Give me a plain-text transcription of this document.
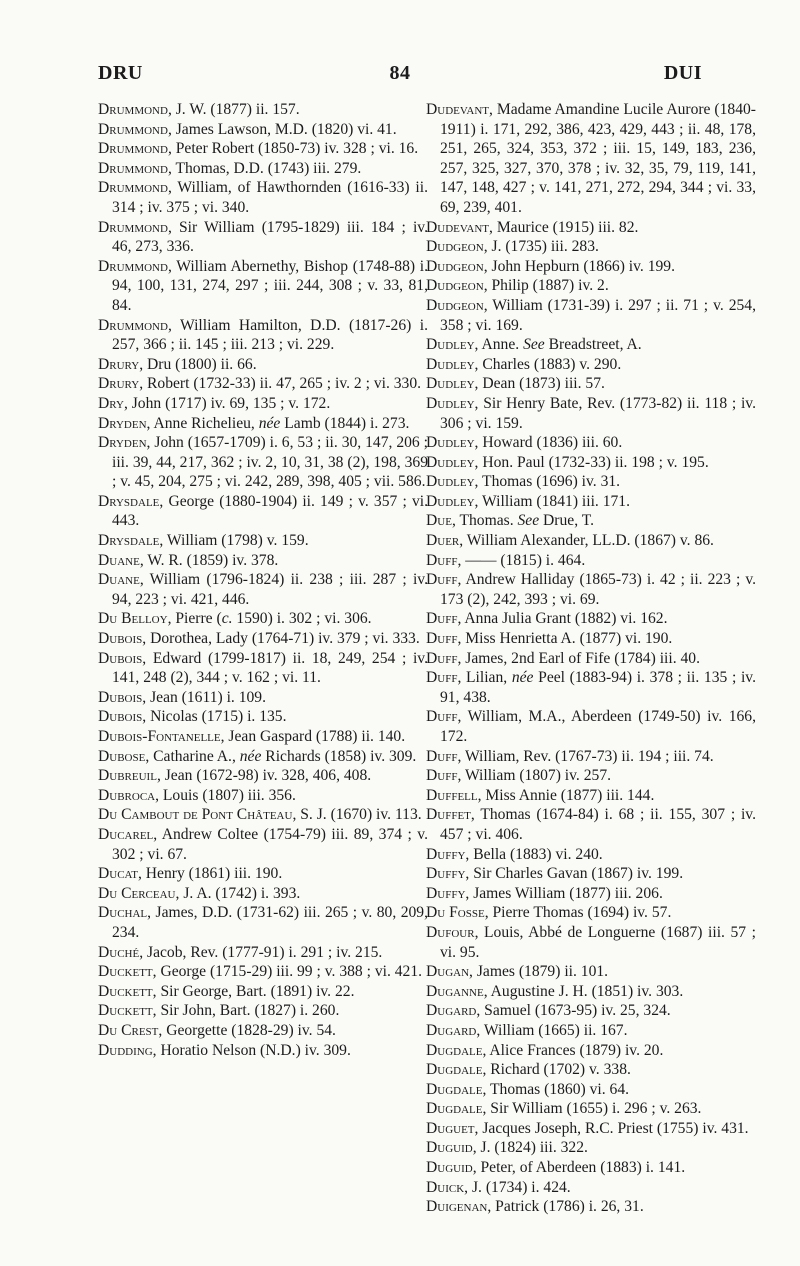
DRU	84	DUI
Drummond, J. W. (1877) ii. 157.
Drummond, James Lawson, M.D. (1820) vi. 41.
Drummond, Peter Robert (1850-73) iv. 328 ; vi. 16.
Drummond, Thomas, D.D. (1743) iii. 279.
Drummond, William, of Hawthornden (1616-33) ii. 314 ; iv. 375 ; vi. 340.
Drummond, Sir William (1795-1829) iii. 184 ; iv. 46, 273, 336.
Drummond, William Abernethy, Bishop (1748-88) i. 94, 100, 131, 274, 297 ; iii. 244, 308 ; v. 33, 81, 84.
Drummond, William Hamilton, D.D. (1817-26) i. 257, 366 ; ii. 145 ; iii. 213 ; vi. 229.
Drury, Dru (1800) ii. 66.
Drury, Robert (1732-33) ii. 47, 265 ; iv. 2 ; vi. 330.
Dry, John (1717) iv. 69, 135 ; v. 172.
Dryden, Anne Richelieu, née Lamb (1844) i. 273.
Dryden, John (1657-1709) i. 6, 53 ; ii. 30, 147, 206 ; iii. 39, 44, 217, 362 ; iv. 2, 10, 31, 38 (2), 198, 369 ; v. 45, 204, 275 ; vi. 242, 289, 398, 405 ; vii. 586.
Drysdale, George (1880-1904) ii. 149 ; v. 357 ; vi. 443.
Drysdale, William (1798) v. 159.
Duane, W. R. (1859) iv. 378.
Duane, William (1796-1824) ii. 238 ; iii. 287 ; iv. 94, 223 ; vi. 421, 446.
Du Belloy, Pierre (c. 1590) i. 302 ; vi. 306.
Dubois, Dorothea, Lady (1764-71) iv. 379 ; vi. 333.
Dubois, Edward (1799-1817) ii. 18, 249, 254 ; iv. 141, 248 (2), 344 ; v. 162 ; vi. 11.
Dubois, Jean (1611) i. 109.
Dubois, Nicolas (1715) i. 135.
Dubois-Fontanelle, Jean Gaspard (1788) ii. 140.
Dubose, Catharine A., née Richards (1858) iv. 309.
Dubreuil, Jean (1672-98) iv. 328, 406, 408.
Dubroca, Louis (1807) iii. 356.
Du Cambout de Pont Château, S. J. (1670) iv. 113.
Ducarel, Andrew Coltee (1754-79) iii. 89, 374 ; v. 302 ; vi. 67.
Ducat, Henry (1861) iii. 190.
Du Cerceau, J. A. (1742) i. 393.
Duchal, James, D.D. (1731-62) iii. 265 ; v. 80, 209, 234.
Duché, Jacob, Rev. (1777-91) i. 291 ; iv. 215.
Duckett, George (1715-29) iii. 99 ; v. 388 ; vi. 421.
Duckett, Sir George, Bart. (1891) iv. 22.
Duckett, Sir John, Bart. (1827) i. 260.
Du Crest, Georgette (1828-29) iv. 54.
Dudding, Horatio Nelson (N.D.) iv. 309.
Dudevant, Madame Amandine Lucile Aurore (1840-1911) i. 171, 292, 386, 423, 429, 443 ; ii. 48, 178, 251, 265, 324, 353, 372 ; iii. 15, 149, 183, 236, 257, 325, 327, 370, 378 ; iv. 32, 35, 79, 119, 141, 147, 148, 427 ; v. 141, 271, 272, 294, 344 ; vi. 33, 69, 239, 401.
Dudevant, Maurice (1915) iii. 82.
Dudgeon, J. (1735) iii. 283.
Dudgeon, John Hepburn (1866) iv. 199.
Dudgeon, Philip (1887) iv. 2.
Dudgeon, William (1731-39) i. 297 ; ii. 71 ; v. 254, 358 ; vi. 169.
Dudley, Anne. See Breadstreet, A.
Dudley, Charles (1883) v. 290.
Dudley, Dean (1873) iii. 57.
Dudley, Sir Henry Bate, Rev. (1773-82) ii. 118 ; iv. 306 ; vi. 159.
Dudley, Howard (1836) iii. 60.
Dudley, Hon. Paul (1732-33) ii. 198 ; v. 195.
Dudley, Thomas (1696) iv. 31.
Dudley, William (1841) iii. 171.
Due, Thomas. See Drue, T.
Duer, William Alexander, LL.D. (1867) v. 86.
Duff, —— (1815) i. 464.
Duff, Andrew Halliday (1865-73) i. 42 ; ii. 223 ; v. 173 (2), 242, 393 ; vi. 69.
Duff, Anna Julia Grant (1882) vi. 162.
Duff, Miss Henrietta A. (1877) vi. 190.
Duff, James, 2nd Earl of Fife (1784) iii. 40.
Duff, Lilian, née Peel (1883-94) i. 378 ; ii. 135 ; iv. 91, 438.
Duff, William, M.A., Aberdeen (1749-50) iv. 166, 172.
Duff, William, Rev. (1767-73) ii. 194 ; iii. 74.
Duff, William (1807) iv. 257.
Duffell, Miss Annie (1877) iii. 144.
Duffet, Thomas (1674-84) i. 68 ; ii. 155, 307 ; iv. 457 ; vi. 406.
Duffy, Bella (1883) vi. 240.
Duffy, Sir Charles Gavan (1867) iv. 199.
Duffy, James William (1877) iii. 206.
Du Fosse, Pierre Thomas (1694) iv. 57.
Dufour, Louis, Abbé de Longuerne (1687) iii. 57 ; vi. 95.
Dugan, James (1879) ii. 101.
Duganne, Augustine J. H. (1851) iv. 303.
Dugard, Samuel (1673-95) iv. 25, 324.
Dugard, William (1665) ii. 167.
Dugdale, Alice Frances (1879) iv. 20.
Dugdale, Richard (1702) v. 338.
Dugdale, Thomas (1860) vi. 64.
Dugdale, Sir William (1655) i. 296 ; v. 263.
Duguet, Jacques Joseph, R.C. Priest (1755) iv. 431.
Duguid, J. (1824) iii. 322.
Duguid, Peter, of Aberdeen (1883) i. 141.
Duick, J. (1734) i. 424.
Duigenan, Patrick (1786) i. 26, 31.
